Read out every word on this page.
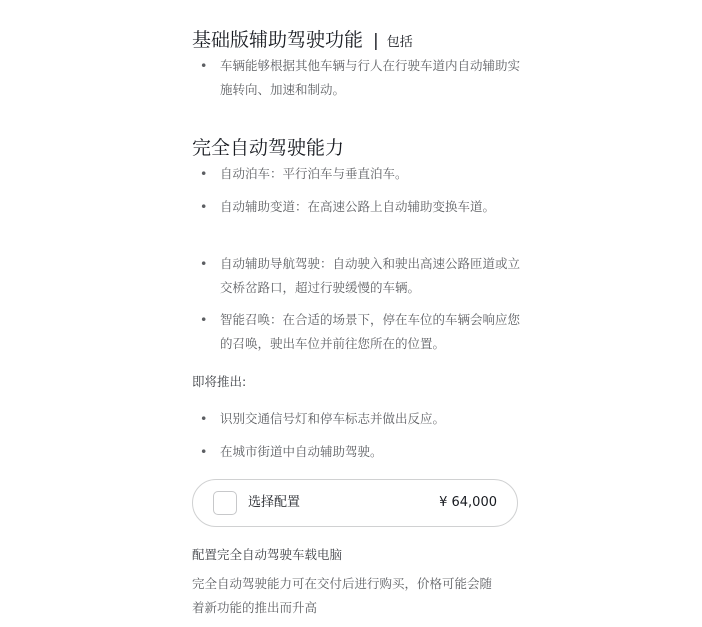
基础版辅助驾驶功能 | 包括
• 车辆能够根据其他车辆与行人在行驶车道内自动辅助实施转向、加速和制动。
完全自动驾驶能力
• 自动泊车：平行泊车与垂直泊车。
• 自动辅助变道：在高速公路上自动辅助变换车道。
• 自动辅助导航驾驶：自动驶入和驶出高速公路匝道或立交桥岔路口，超过行驶缓慢的车辆。
• 智能召唤：在合适的场景下，停在车位的车辆会响应您的召唤，驶出车位并前往您所在的位置。
即将推出:
• 识别交通信号灯和停车标志并做出反应。
• 在城市街道中自动辅助驾驶。
选择配置	¥ 64,000
配置完全自动驾驶车载电脑
完全自动驾驶能力可在交付后进行购买，价格可能会随着新功能的推出而升高
